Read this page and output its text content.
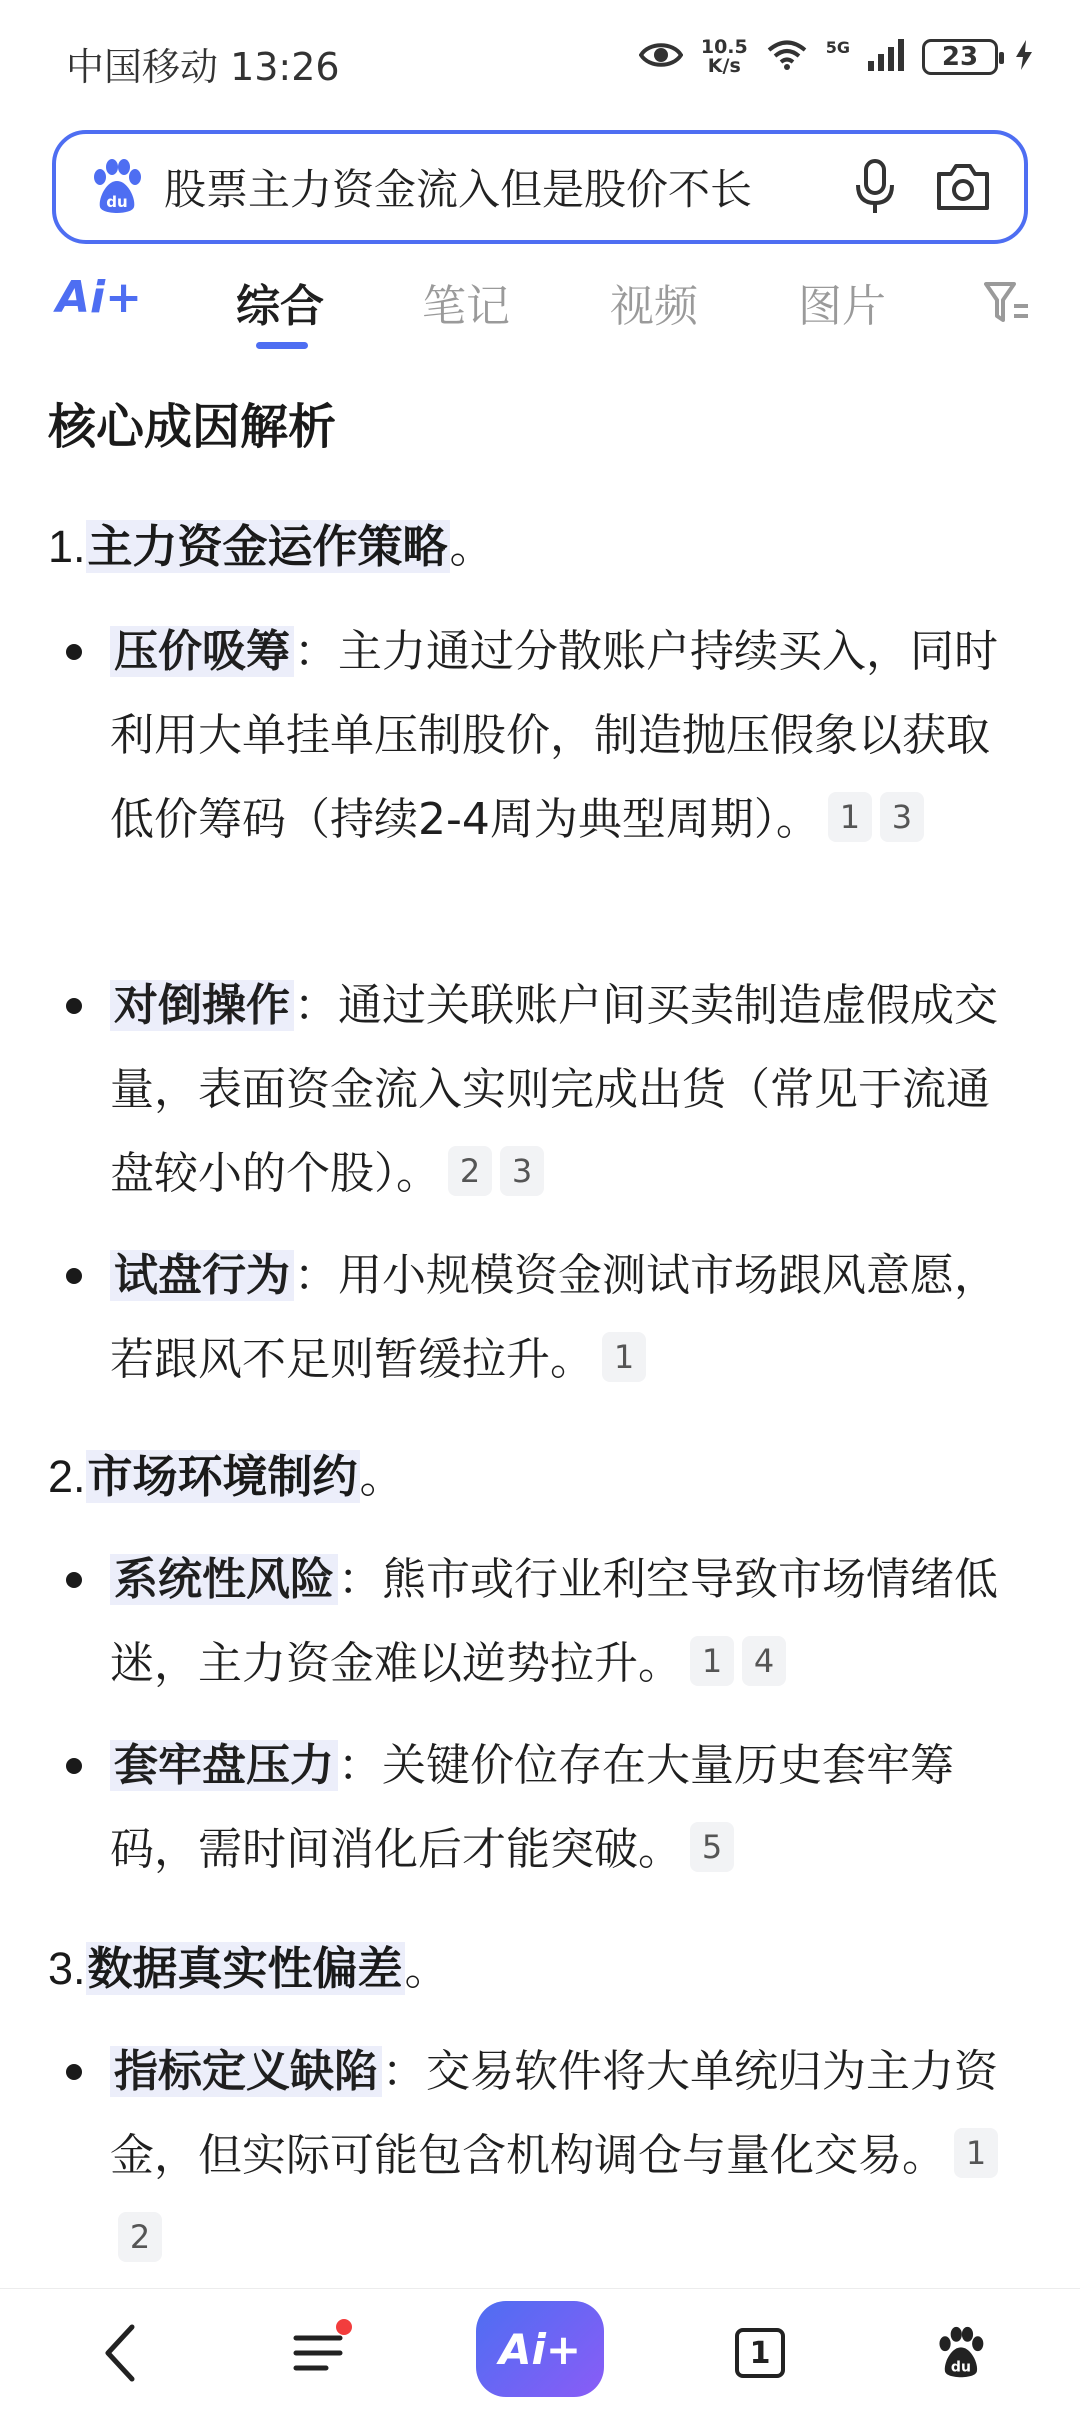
中国移动 13:26	10.5
K/s
5G	23
du 股票主力资金流入但是股价不长
Ai+ 综合 笔记 视频 图片
核心成因解析
1.主力资金运作策略。
压价吸筹：主力通过分散账户持续买入，同时利用大单挂单压制股价，制造抛压假象以获取低价筹码（持续2-4周为典型周期）。 1 3
对倒操作：通过关联账户间买卖制造虚假成交量，表面资金流入实则完成出货（常见于流通盘较小的个股）。 2 3
试盘行为：用小规模资金测试市场跟风意愿，若跟风不足则暂缓拉升。 1
2.市场环境制约。
系统性风险：熊市或行业利空导致市场情绪低迷，主力资金难以逆势拉升。 1 4
套牢盘压力：关键价位存在大量历史套牢筹码，需时间消化后才能突破。 5
3.数据真实性偏差。
指标定义缺陷：交易软件将大单统归为主力资金，但实际可能包含机构调仓与量化交易。 12
Ai+	1	du
